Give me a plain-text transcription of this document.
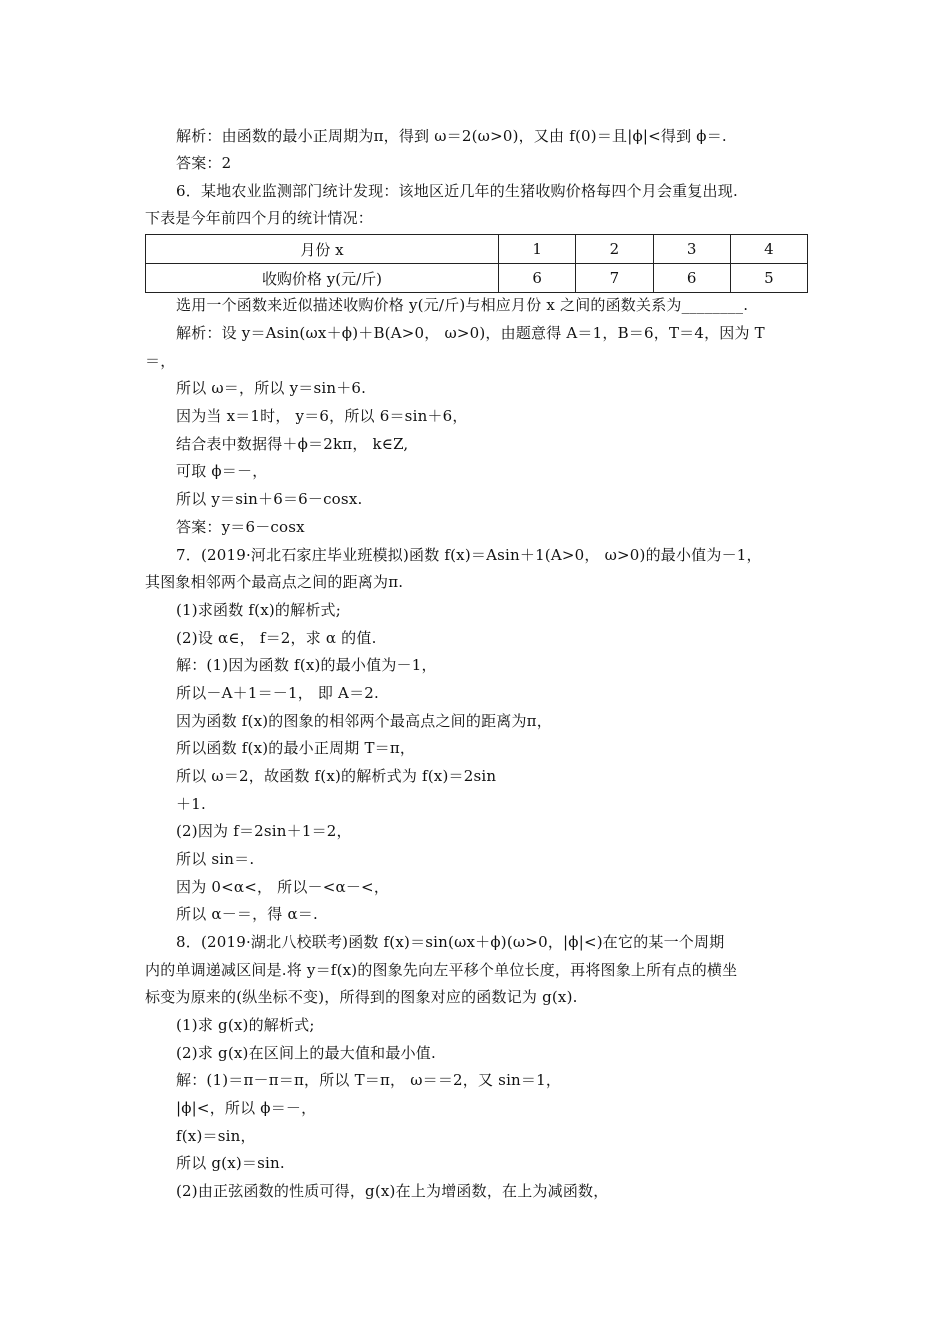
解析：由函数的最小正周期为π，得到 ω＝2(ω>0)，又由 f(0)＝且|ϕ|<得到 ϕ＝.
答案：2
6．某地农业监测部门统计发现：该地区近几年的生猪收购价格每四个月会重复出现.
下表是今年前四个月的统计情况：
月份 x	1	2	3	4
收购价格 y(元/斤)	6	7	6	5
选用一个函数来近似描述收购价格 y(元/斤)与相应月份 x 之间的函数关系为________.
解析：设 y＝Asin(ωx＋ϕ)＋B(A>0， ω>0)，由题意得 A＝1，B＝6，T＝4，因为 T
＝，
所以 ω＝，所以 y＝sin＋6.
因为当 x＝1时， y＝6，所以 6＝sin＋6，
结合表中数据得＋ϕ＝2kπ， k∈Z,
可取 ϕ＝－，
所以 y＝sin＋6＝6－cosx.
答案：y＝6－cosx
7．(2019·河北石家庄毕业班模拟)函数 f(x)＝Asin＋1(A>0， ω>0)的最小值为－1，
其图象相邻两个最高点之间的距离为π.
(1)求函数 f(x)的解析式;
(2)设 α∈， f＝2，求 α 的值.
解：(1)因为函数 f(x)的最小值为－1，
所以－A＋1＝－1， 即 A＝2.
因为函数 f(x)的图象的相邻两个最高点之间的距离为π，
所以函数 f(x)的最小正周期 T＝π，
所以 ω＝2，故函数 f(x)的解析式为 f(x)＝2sin
＋1.
(2)因为 f＝2sin＋1＝2，
所以 sin＝.
因为 0<α<， 所以－<α－<，
所以 α－＝，得 α＝.
8．(2019·湖北八校联考)函数 f(x)＝sin(ωx＋ϕ)(ω>0，|ϕ|<)在它的某一个周期
内的单调递减区间是.将 y＝f(x)的图象先向左平移个单位长度，再将图象上所有点的横坐
标变为原来的(纵坐标不变)，所得到的图象对应的函数记为 g(x).
(1)求 g(x)的解析式;
(2)求 g(x)在区间上的最大值和最小值.
解：(1)＝π－π＝π，所以 T＝π， ω＝＝2，又 sin＝1，
|ϕ|<，所以 ϕ＝－，
f(x)＝sin，
所以 g(x)＝sin.
(2)由正弦函数的性质可得，g(x)在上为增函数，在上为减函数，
